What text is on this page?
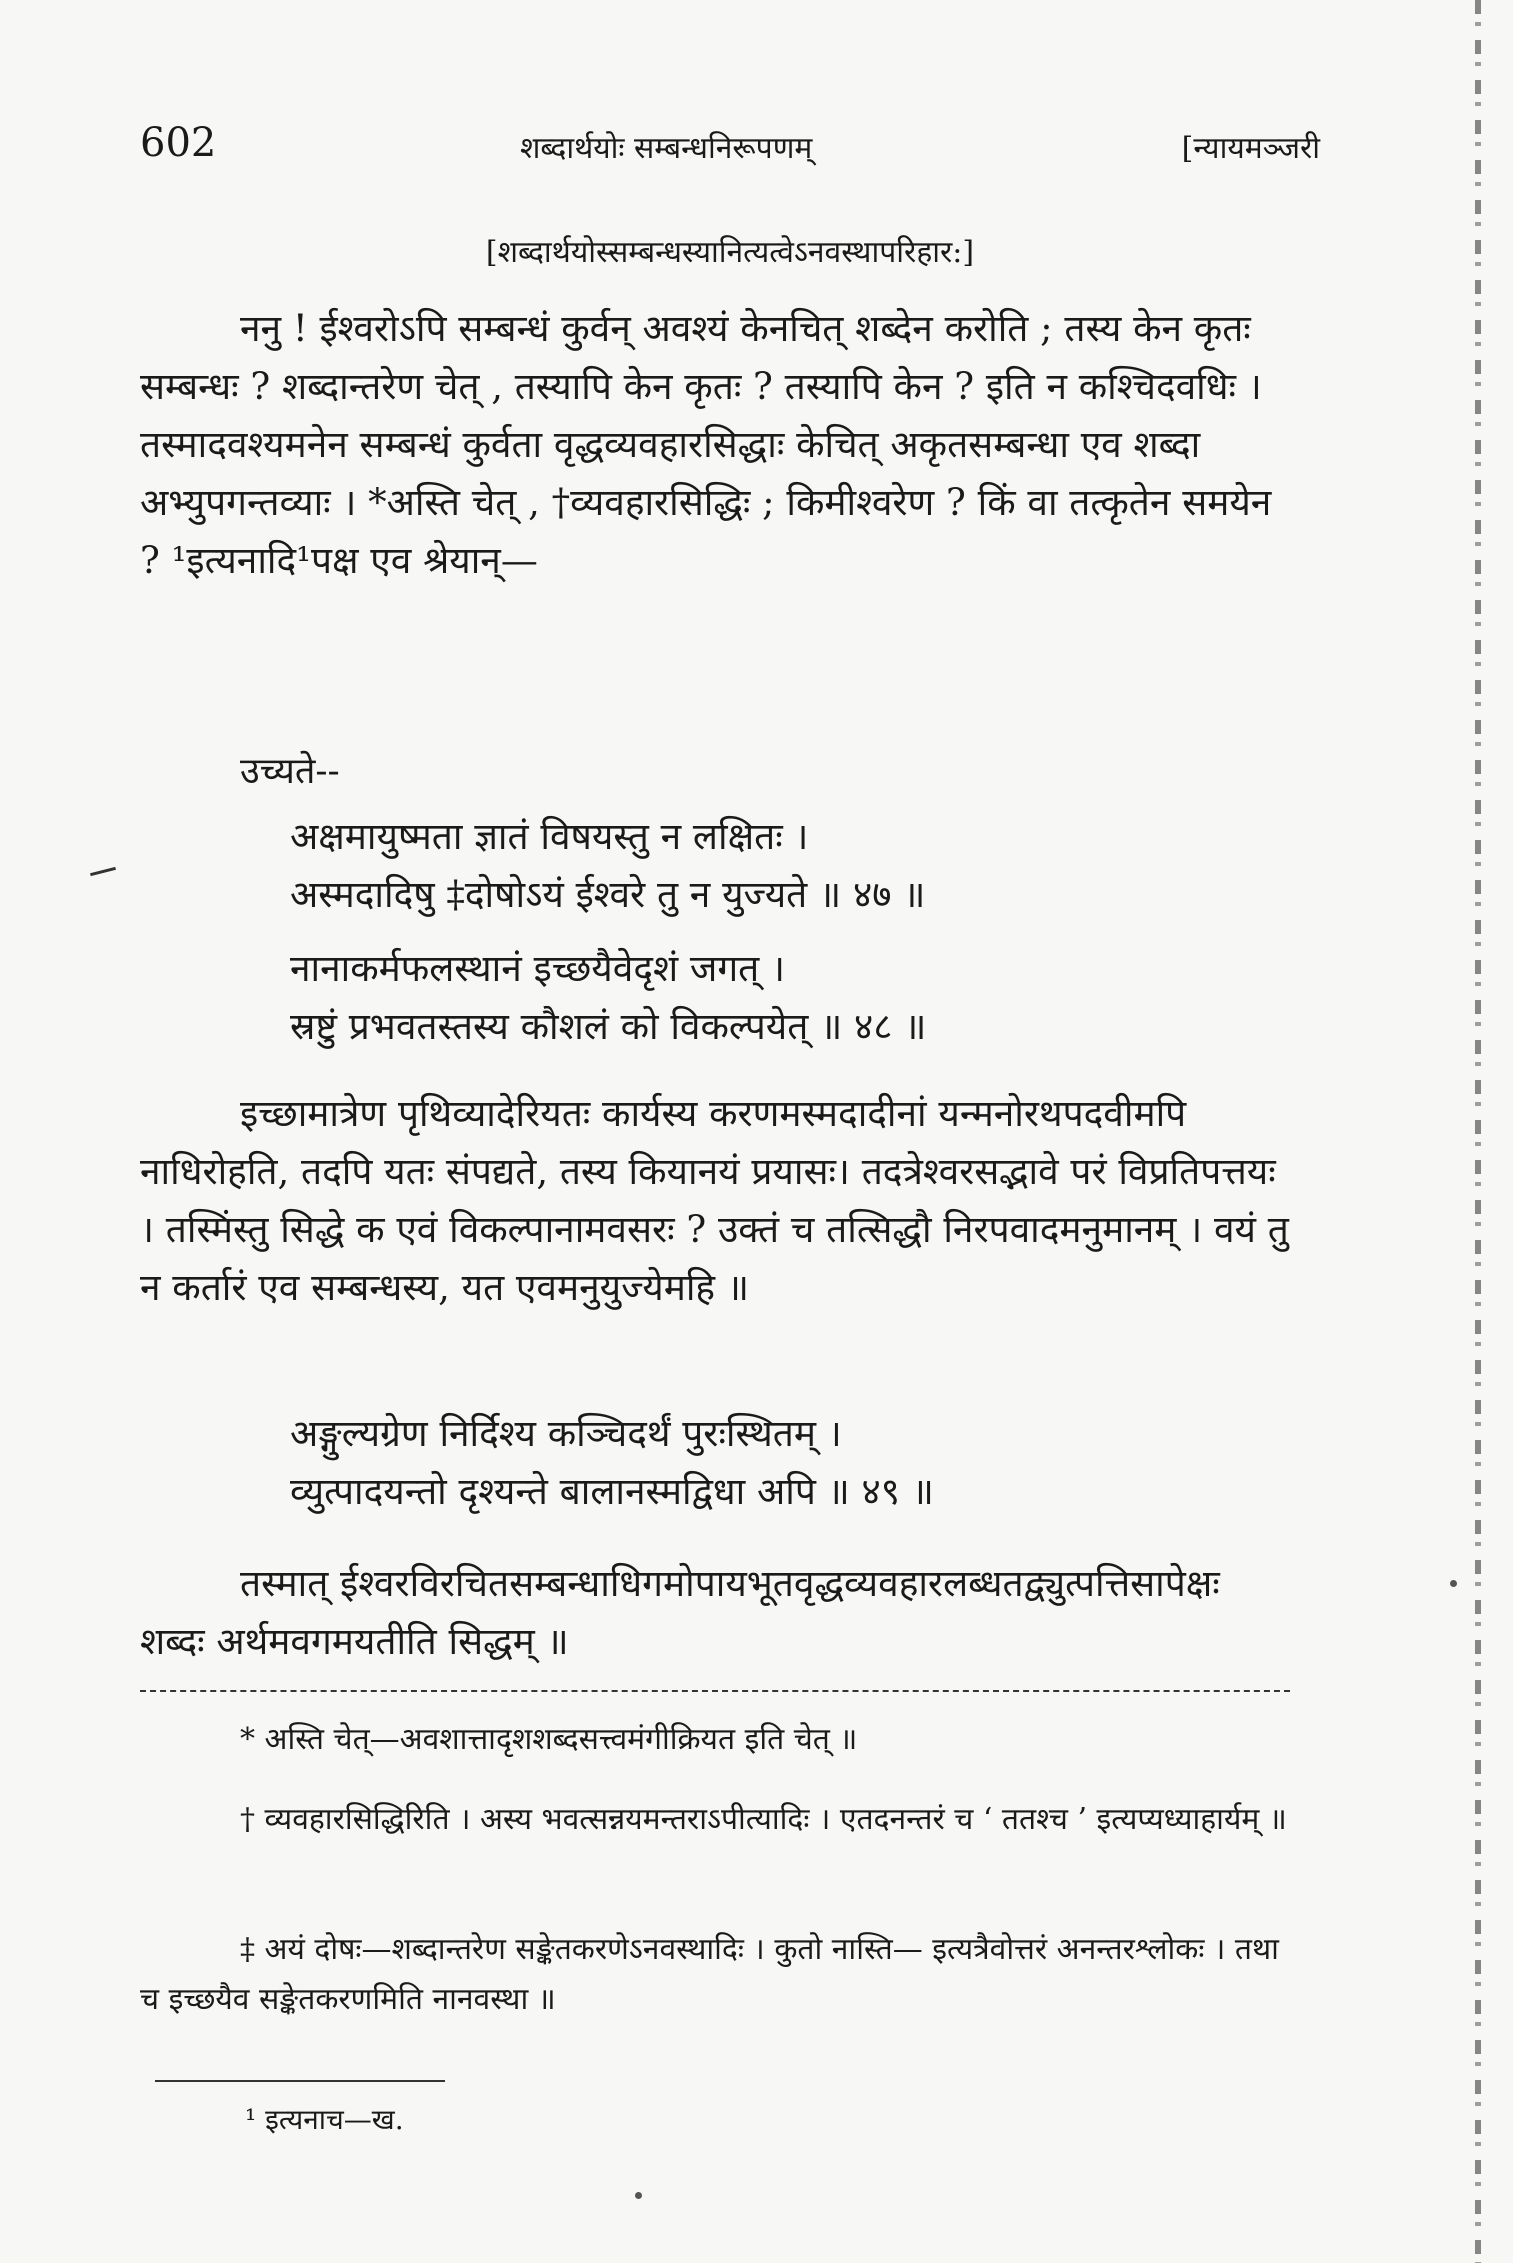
602	शब्दार्थयोः सम्बन्धनिरूपणम्	[न्यायमञ्जरी
[शब्दार्थयोस्सम्बन्धस्यानित्यत्वेऽनवस्थापरिहार:]
ननु ! ईश्वरोऽपि सम्बन्धं कुर्वन् अवश्यं केनचित् शब्देन करोति ; तस्य केन कृतः सम्बन्धः ? शब्दान्तरेण चेत् , तस्यापि केन कृतः ? तस्यापि केन ? इति न कश्चिदवधिः । तस्मादवश्यमनेन सम्बन्धं कुर्वता वृद्धव्यवहारसिद्धाः केचित् अकृतसम्बन्धा एव शब्दा अभ्युपगन्तव्याः । *अस्ति चेत् , †व्यवहारसिद्धिः ; किमीश्वरेण ? किं वा तत्कृतेन समयेन ? ¹इत्यनादि¹पक्ष एव श्रेयान्—
उच्यते--
अक्षमायुष्मता ज्ञातं विषयस्तु न लक्षितः ।
अस्मदादिषु ‡दोषोऽयं ईश्वरे तु न युज्यते ॥ ४७ ॥
नानाकर्मफलस्थानं इच्छयैवेदृशं जगत् ।
स्रष्टुं प्रभवतस्तस्य कौशलं को विकल्पयेत् ॥ ४८ ॥
इच्छामात्रेण पृथिव्यादेरियतः कार्यस्य करणमस्मदादीनां यन्मनोरथपदवीमपि नाधिरोहति, तदपि यतः संपद्यते, तस्य कियानयं प्रयासः। तदत्रेश्वरसद्भावे परं विप्रतिपत्तयः । तस्मिंस्तु सिद्धे क एवं विकल्पानामवसरः ? उक्तं च तत्सिद्धौ निरपवादमनुमानम् । वयं तु न कर्तारं एव सम्बन्धस्य, यत एवमनुयुज्येमहि ॥
अङ्गुल्यग्रेण निर्दिश्य कञ्चिदर्थं पुरःस्थितम् ।
व्युत्पादयन्तो दृश्यन्ते बालानस्मद्विधा अपि ॥ ४९ ॥
तस्मात् ईश्वरविरचितसम्बन्धाधिगमोपायभूतवृद्धव्यवहारलब्धतद्व्युत्पत्तिसापेक्षः शब्दः अर्थमवगमयतीति सिद्धम् ॥
* अस्ति चेत्—अवशात्तादृशशब्दसत्त्वमंगीक्रियत इति चेत् ॥
† व्यवहारसिद्धिरिति । अस्य भवत्सन्नयमन्तराऽपीत्यादिः । एतदनन्तरं च ‘ ततश्च ’ इत्यप्यध्याहार्यम् ॥
‡ अयं दोषः—शब्दान्तरेण सङ्केतकरणेऽनवस्थादिः । कुतो नास्ति— इत्यत्रैवोत्तरं अनन्तरश्लोकः । तथा च इच्छयैव सङ्केतकरणमिति नानवस्था ॥
¹ इत्यनाच—ख.
